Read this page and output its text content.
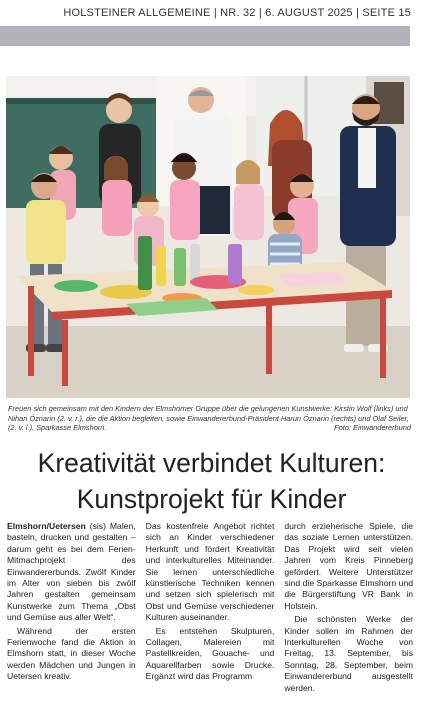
HOLSTEINER ALLGEMEINE | NR. 32 | 6. AUGUST 2025 | SEITE 15
Freuen sich gemeinsam mit den Kindern der Elmshorner Gruppe über die gelungenen Kunstwerke: Kirstin Wolf (links) und Nihan Öznarin (2. v. r.), die die Aktion begleiten, sowie Einwandererbund-Präsident Harun Öznarin (rechts) und Olaf Seiler, (2. v. l.), Sparkasse Elmshorn.	Foto: Einwandererbund
Kreativität verbindet Kulturen:
Kunstprojekt für Kinder

Elmshorn/Uetersen (sis) Malen, basteln, drucken und gestalten – darum geht es bei dem Ferien-Mitmachprojekt des Einwandererbunds. Zwölf Kinder im Alter von sieben bis zwölf Jahren gestalten gemeinsam Kunstwerke zum Thema „Obst und Gemüse aus aller Welt“.

Während der ersten Ferienwoche fand die Aktion in Elmshorn statt, in dieser Woche werden Mädchen und Jungen in Uetersen kreativ.

Das kostenfreie Angebot richtet sich an Kinder verschiedener Herkunft und fördert Kreativität und interkulturelles Miteinander. Sie lernen unterschiedliche künstlerische Techniken kennen und setzen sich spielerisch mit Obst und Gemüse verschiedener Kulturen auseinander.

Es entstehen Skulpturen, Collagen, Malereien mit Pastellkreiden, Gouache- und Aquarellfarben sowie Drucke. Ergänzt wird das Programm

durch erzieherische Spiele, die das soziale Lernen unterstützen. Das Projekt wird seit vielen Jahren vom Kreis Pinneberg gefördert. Weitere Unterstützer sind die Sparkasse Elmshorn und die Bürgerstiftung VR Bank in Holstein.

Die schönsten Werke der Kinder sollen im Rahmen der Interkulturellen Woche von Freitag, 13. September, bis Sonntag, 28. September, beim Einwandererbund ausgestellt werden.
